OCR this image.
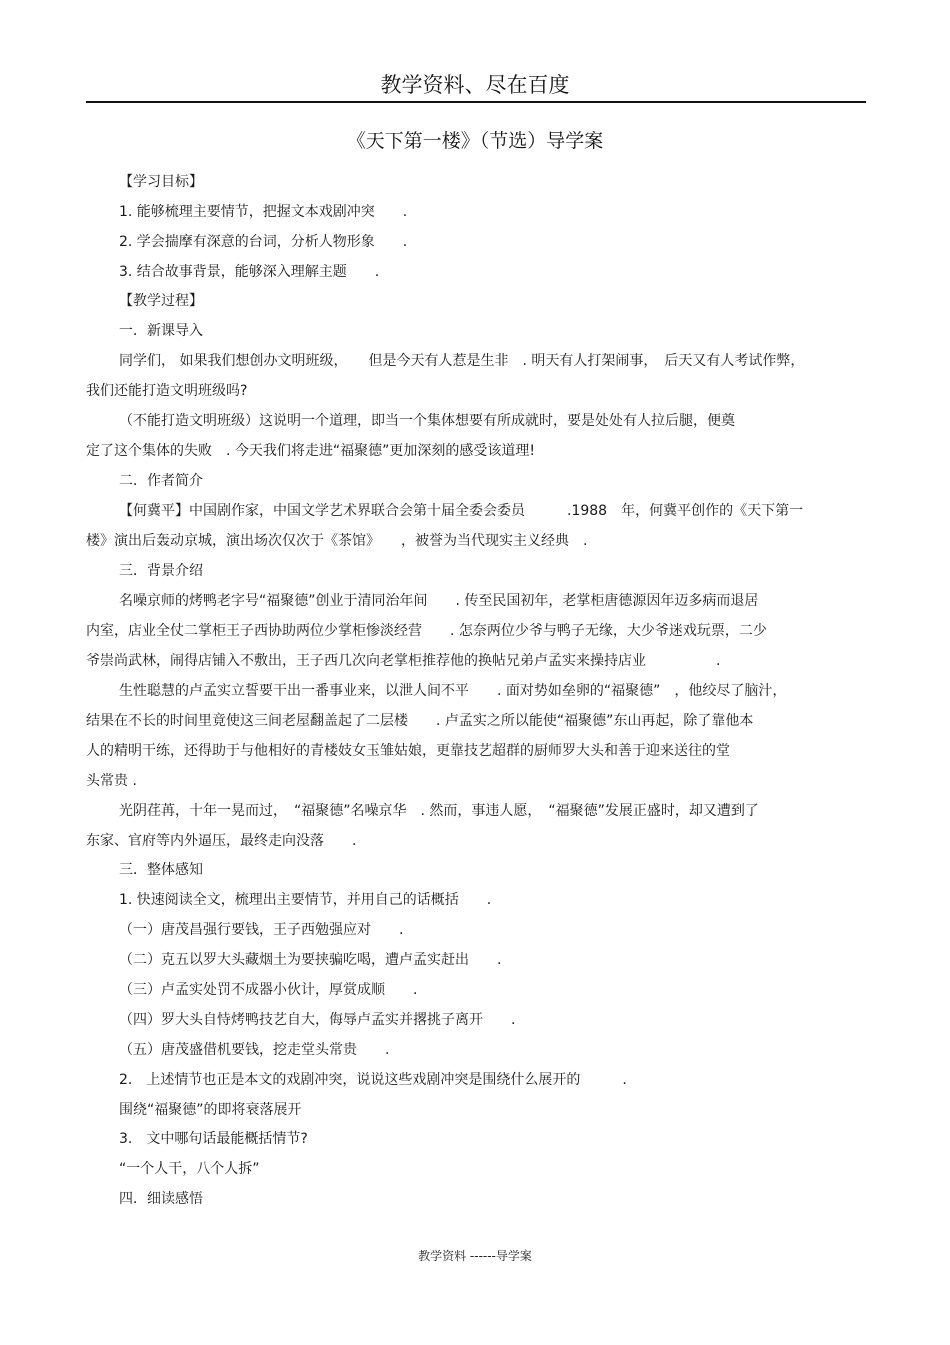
教学资料、尽在百度
《天下第一楼》（节选）导学案
【学习目标】
1. 能够梳理主要情节，把握文本戏剧冲突　　.
2. 学会揣摩有深意的台词，分析人物形象　　.
3. 结合故事背景，能够深入理解主题　　.
【教学过程】
一．新课导入
同学们， 如果我们想创办文明班级，　　但是今天有人惹是生非　. 明天有人打架闹事，　后天又有人考试作弊，
我们还能打造文明班级吗?
（不能打造文明班级）这说明一个道理，即当一个集体想要有所成就时，要是处处有人拉后腿，便奠
定了这个集体的失败　. 今天我们将走进“福聚德”更加深刻的感受该道理!
二．作者简介
【何冀平】中国剧作家，中国文学艺术界联合会第十届全委会委员　　　.1988　年，何冀平创作的《天下第一
楼》演出后轰动京城，演出场次仅次于《茶馆》　　，被誉为当代现实主义经典　.
三．背景介绍
名噪京师的烤鸭老字号“福聚德”创业于清同治年间　　. 传至民国初年，老掌柜唐德源因年迈多病而退居
内室，店业全仗二掌柜王子西协助两位少掌柜惨淡经营　　. 怎奈两位少爷与鸭子无缘，大少爷迷戏玩票，二少
爷崇尚武林，闹得店铺入不敷出，王子西几次向老掌柜推荐他的换帖兄弟卢孟实来操持店业　　　　　.
生性聪慧的卢孟实立誓要干出一番事业来，以泄人间不平　　. 面对势如垒卵的“福聚德”　，他绞尽了脑汁，
结果在不长的时间里竟使这三间老屋翻盖起了二层楼　　. 卢孟实之所以能使“福聚德”东山再起，除了靠他本
人的精明干练，还得助于与他相好的青楼妓女玉雏姑娘，更靠技艺超群的厨师罗大头和善于迎来送往的堂
头常贵 .
光阴荏苒，十年一晃而过，　“福聚德”名噪京华　. 然而，事违人愿，　“福聚德”发展正盛时，却又遭到了
东家、官府等内外逼压，最终走向没落　　.
三．整体感知
1. 快速阅读全文，梳理出主要情节，并用自己的话概括　　.
（一）唐茂昌强行要钱，王子西勉强应对　　.
（二）克五以罗大头藏烟土为要挟骗吃喝，遭卢孟实赶出　　.
（三）卢孟实处罚不成器小伙计，厚赏成顺　　.
（四）罗大头自恃烤鸭技艺自大，侮辱卢孟实并撂挑子离开　　.
（五）唐茂盛借机要钱，挖走堂头常贵　　.
2.　上述情节也正是本文的戏剧冲突，说说这些戏剧冲突是围绕什么展开的　　　.
围绕“福聚德”的即将衰落展开
3.　文中哪句话最能概括情节?
“一个人干，八个人拆”
四．细读感悟
教学资料 ------导学案
